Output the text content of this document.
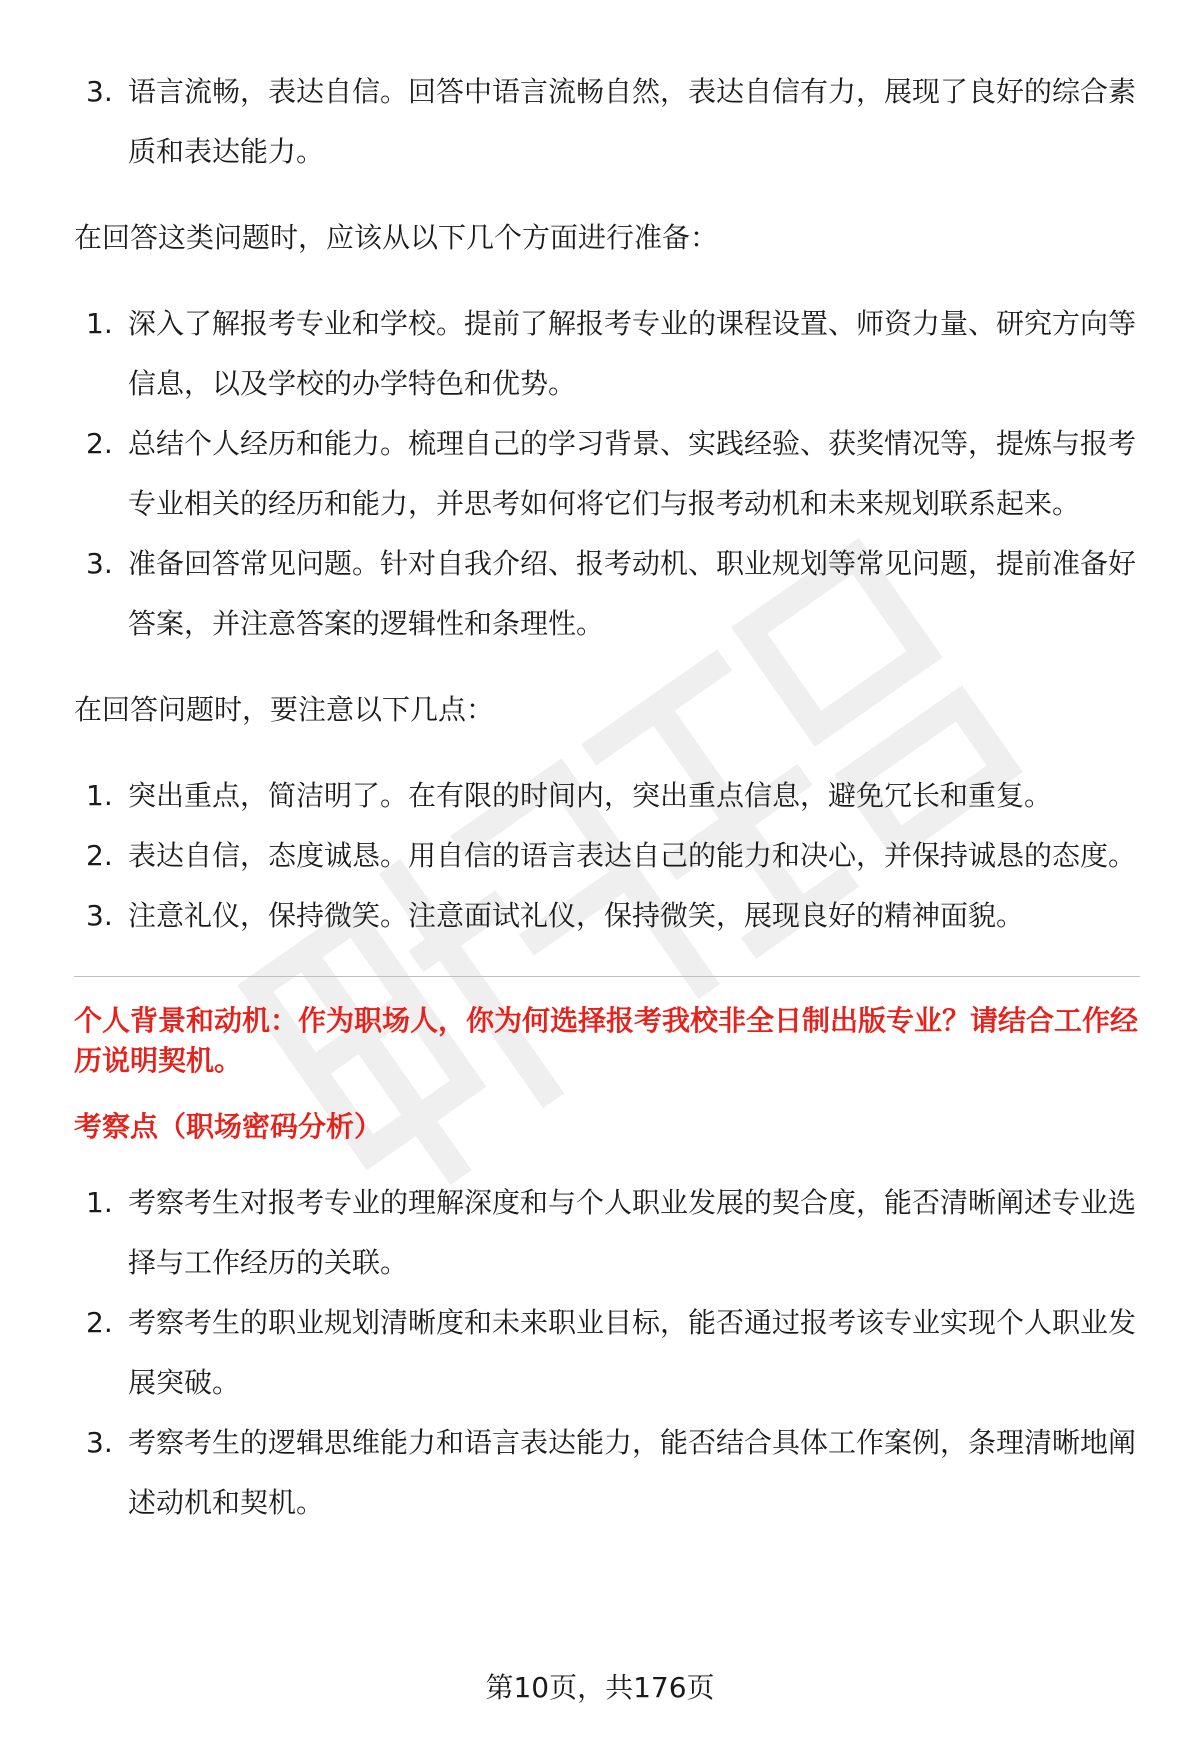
3. 语言流畅，表达自信。回答中语言流畅自然，表达自信有力，展现了良好的综合素质和表达能力。

在回答这类问题时，应该从以下几个方面进行准备：

1. 深入了解报考专业和学校。提前了解报考专业的课程设置、师资力量、研究方向等信息，以及学校的办学特色和优势。
2. 总结个人经历和能力。梳理自己的学习背景、实践经验、获奖情况等，提炼与报考专业相关的经历和能力，并思考如何将它们与报考动机和未来规划联系起来。
3. 准备回答常见问题。针对自我介绍、报考动机、职业规划等常见问题，提前准备好答案，并注意答案的逻辑性和条理性。

在回答问题时，要注意以下几点：

1. 突出重点，简洁明了。在有限的时间内，突出重点信息，避免冗长和重复。
2. 表达自信，态度诚恳。用自信的语言表达自己的能力和决心，并保持诚恳的态度。
3. 注意礼仪，保持微笑。注意面试礼仪，保持微笑，展现良好的精神面貌。

个人背景和动机：作为职场人，你为何选择报考我校非全日制出版专业？请结合工作经历说明契机。

考察点（职场密码分析）

1. 考察考生对报考专业的理解深度和与个人职业发展的契合度，能否清晰阐述专业选择与工作经历的关联。
2. 考察考生的职业规划清晰度和未来职业目标，能否通过报考该专业实现个人职业发展突破。
3. 考察考生的逻辑思维能力和语言表达能力，能否结合具体工作案例，条理清晰地阐述动机和契机。
第10页，共176页
